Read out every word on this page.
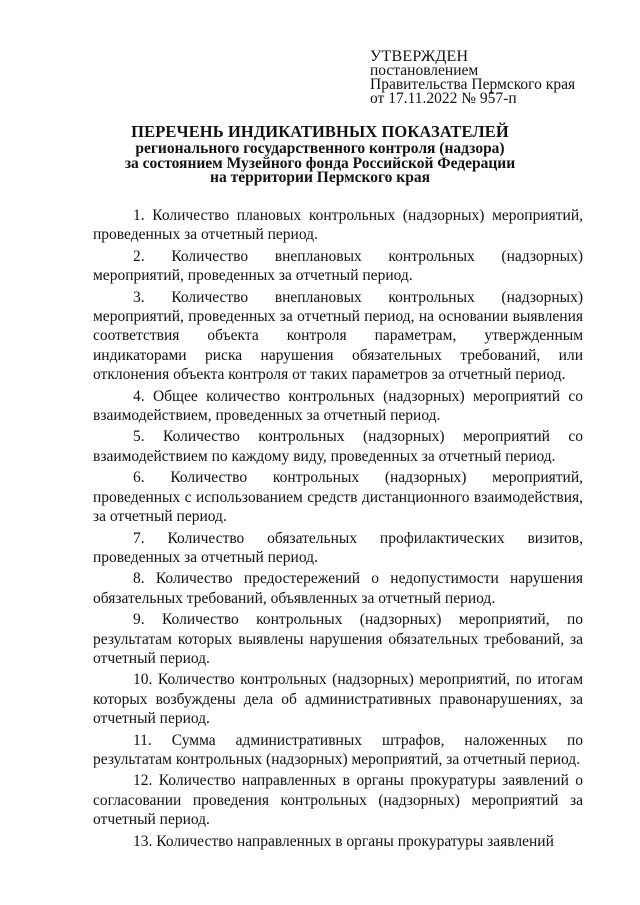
УТВЕРЖДЕН
постановлением
Правительства Пермского края
от 17.11.2022 № 957-п
ПЕРЕЧЕНЬ ИНДИКАТИВНЫХ ПОКАЗАТЕЛЕЙ
регионального государственного контроля (надзора)
за состоянием Музейного фонда Российской Федерации
на территории Пермского края

1. Количество плановых контрольных (надзорных) мероприятий, проведенных за отчетный период.

2. Количество внеплановых контрольных (надзорных) мероприятий, проведенных за отчетный период.

3. Количество внеплановых контрольных (надзорных) мероприятий, проведенных за отчетный период, на основании выявления соответствия объекта контроля параметрам, утвержденным индикаторами риска нарушения обязательных требований, или отклонения объекта контроля от таких параметров за отчетный период.

4. Общее количество контрольных (надзорных) мероприятий со взаимодействием, проведенных за отчетный период.

5. Количество контрольных (надзорных) мероприятий со взаимодействием по каждому виду, проведенных за отчетный период.

6. Количество контрольных (надзорных) мероприятий, проведенных с использованием средств дистанционного взаимодействия, за отчетный период.

7. Количество обязательных профилактических визитов, проведенных за отчетный период.

8. Количество предостережений о недопустимости нарушения обязательных требований, объявленных за отчетный период.

9. Количество контрольных (надзорных) мероприятий, по результатам которых выявлены нарушения обязательных требований, за отчетный период.

10. Количество контрольных (надзорных) мероприятий, по итогам которых возбуждены дела об административных правонарушениях, за отчетный период.

11. Сумма административных штрафов, наложенных по результатам контрольных (надзорных) мероприятий, за отчетный период.

12. Количество направленных в органы прокуратуры заявлений о согласовании проведения контрольных (надзорных) мероприятий за отчетный период.

13. Количество направленных в органы прокуратуры заявлений
